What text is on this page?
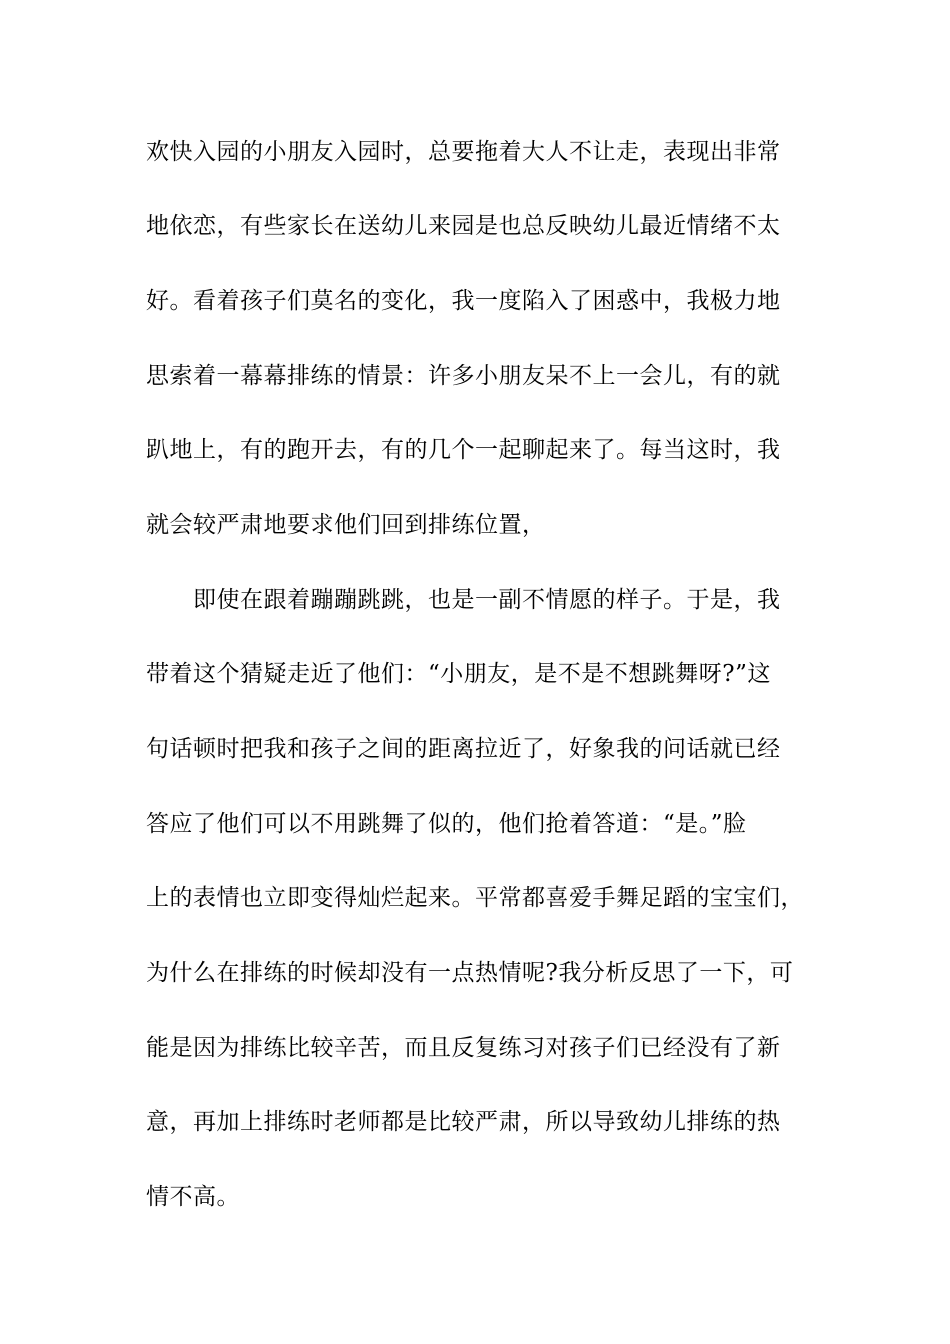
欢快入园的小朋友入园时，总要拖着大人不让走，表现出非常
地依恋，有些家长在送幼儿来园是也总反映幼儿最近情绪不太
好。看着孩子们莫名的变化，我一度陷入了困惑中，我极力地
思索着一幕幕排练的情景：许多小朋友呆不上一会儿，有的就
趴地上，有的跑开去，有的几个一起聊起来了。每当这时，我
就会较严肃地要求他们回到排练位置，
即使在跟着蹦蹦跳跳，也是一副不情愿的样子。于是，我
带着这个猜疑走近了他们：“小朋友，是不是不想跳舞呀?”这
句话顿时把我和孩子之间的距离拉近了，好象我的问话就已经
答应了他们可以不用跳舞了似的，他们抢着答道：“是。”脸
上的表情也立即变得灿烂起来。平常都喜爱手舞足蹈的宝宝们，
为什么在排练的时候却没有一点热情呢?我分析反思了一下，可
能是因为排练比较辛苦，而且反复练习对孩子们已经没有了新
意，再加上排练时老师都是比较严肃，所以导致幼儿排练的热
情不高。
